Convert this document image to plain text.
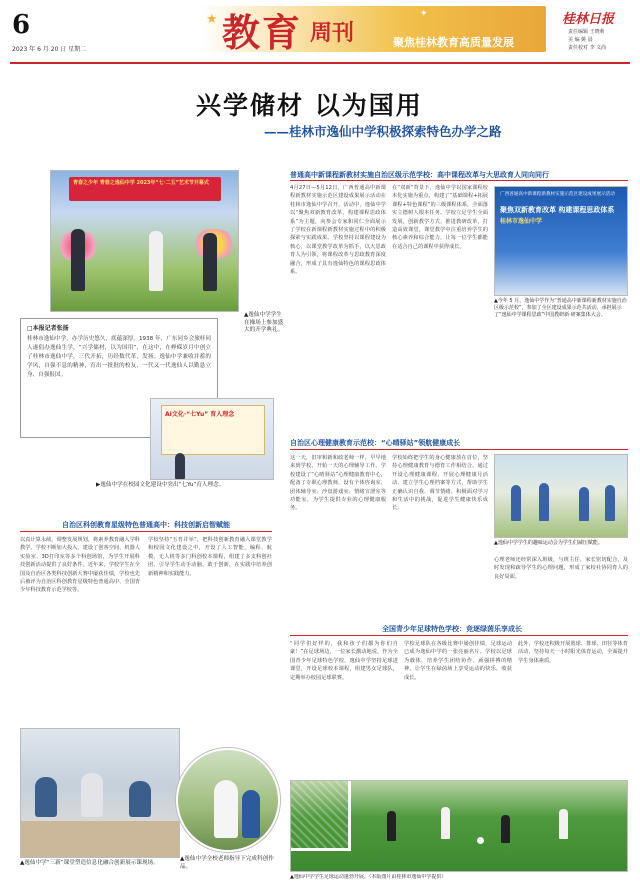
6
2023 年 6 月 20 日 星期二
★	✦
教育 周刊	聚焦桂林教育高质量发展
桂林日报
责任编辑 王晓莉
美 编 姚 晨
责任校对 李 义尚
兴学储材 以为国用
——桂林市逸仙中学积极探索特色办学之路
青春之少年 青春之逸仙中学 2023年“七·二五”艺术节开幕式
▲逸仙中学学生在操场上参加盛大的开学典礼。
□本报记者张扬
桂林市逸仙中学，办学历史悠久，底蕴深厚。1938 年，广东同乡会旅桂同人遂倡办逸仙生学，“兴学储材，以为国用”，在这中，在峥嵘岁月中创立了桂林市逸仙中学，三代开拓，历经数代革，发扬。逸仙中学兼收并蓄的学风，自强不息的精神，育出一批批的校友，一代又一代逸仙人以勤恳立身、自强报国。
AI文化·“七Yu” 育人理念
▶逸仙中学在校园文化建设中突出“七Yu”育人理念。
自治区科创教育星级特色普通高中：科技创新启智赋能
以真计算永续，调整发展规划，将素养教育融入学科教学。学校不断加大投入，建设了创客空间、机器人实验室、3D打印室等多个科创场馆，为学生开展科技创新活动提供了良好条件。近年来，学校学生在全国及自治区各类科技创新大赛中屡获佳绩，学校也先后被评为自治区科创教育星级特色普通高中、全国青少年科技教育示范学校等。
学校坚持“五育并举”，把科技创新教育融入课堂教学和校园文化建设之中，开设了人工智能、编程、航模、无人机等多门科创校本课程，组建了多支科创社团，引导学生动手动脑、敢于创新，在实践中培养创新精神和实践能力。
▲逸仙中学“三新”课堂塑造信息化融合创新展示课现场。
▲逸仙中学全校老师指导下完成科创作品。
普通高中新课程新教材实施自治区级示范学校：高中课程改革与大思政育人同向同行
4月27日—5月12日，广西普通高中新课程新教材实施示范区建设成果展示活动在桂林市逸仙中学召开。活动中，逸仙中学以“聚焦双新教育改革，构建课程思政体系”为主题，向参会专家和同仁全面展示了学校在新课程新教材实施过程中的积极探索与实践成果。学校坚持以课程建设为核心，以课堂教学改革为抓手，以大思政育人为引领，将课程改革与思政教育深度融合，形成了具有逸仙特色的课程思政体系。
在“双新”背景下，逸仙中学以国家课程校本化实施为重点，构建了“基础课程+拓展课程+特色课程”的三级课程体系，全面落实立德树人根本任务。学校立足学生全面发展，创新教学方式，推进教研改革，打造高效课堂，课堂教学中注重培养学生的核心素养和综合能力，让每一位学生都能在适合自己的课程中获得成长。
广西普通高中新课程新教材实施示范区建设成果展示活动
聚焦双新教育改革 构建课程思政体系
桂林市逸仙中学
▲今年 5 月，逸仙中学作为“普通高中新课程新教材实施自治区级示范校”，参加了全区建设成果示范共活动，承担展示了“逸仙中学课程思政”中国教研新·研案集体大会。
自治区心理健康教育示范校：“心晴驿站”领航健康成长
这一天，旧审和新和政老师一样，早早地来到学校，开始一天的心理辅导工作。学校建设了“心晴驿站”心理健康教育中心，配备了专职心理教师，设有个体咨询室、团体辅导室、沙盘游戏室、情绪宣泄室等功能室，为学生提供专业的心理健康服务。
学校始终把学生的身心健康放在首位，坚持心理健康教育与德育工作相结合，通过开设心理健康课程、开展心理健康月活动、建立学生心理档案等方式，帮助学生正确认识自我、调节情绪、积极面对学习和生活中的挑战，促进学生健康快乐成长。
▲逸仙中学学生的趣味运动会为学生们减压赋能。
心理老师还经常深入班级，与班主任、家长密切配合，及时发现和疏导学生的心理问题，形成了家校社协同育人的良好局面。
全国青少年足球特色学校：竞逐绿茵乐享成长
“同学们好样的，我和孩子们都为你们自豪！”在足球场边，一位家长激动地说。作为全国青少年足球特色学校，逸仙中学坚持足球进课堂，开设足球校本课程，组建男女足球队，定期举办校园足球联赛。
学校足球队在各级比赛中屡创佳绩，足球运动已成为逸仙中学的一张亮丽名片。学校以足球为载体，培养学生团结协作、顽强拼搏的精神，让学生在绿茵场上享受运动的快乐，收获成长。
此外，学校还积极开展篮球、排球、田径等体育活动，坚持每天一小时阳光体育运动，全面提升学生身体素质。
▲逸仙中学学生足球运动蓬勃开展。（本版图片由桂林市逸仙中学提供）
